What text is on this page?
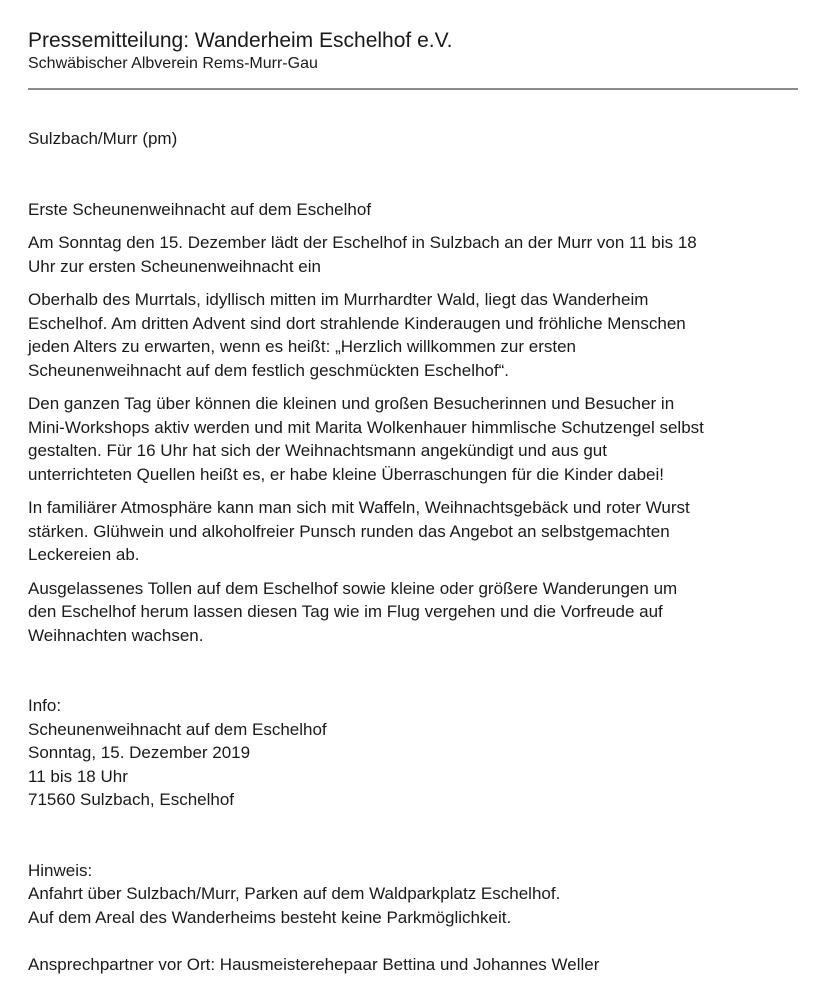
Pressemitteilung: Wanderheim Eschelhof e.V.

Schwäbischer Albverein Rems-Murr-Gau

Sulzbach/Murr (pm)

Erste Scheunenweihnacht auf dem Eschelhof

Am Sonntag den 15. Dezember lädt der Eschelhof in Sulzbach an der Murr von 11 bis 18
Uhr zur ersten Scheunenweihnacht ein

Oberhalb des Murrtals, idyllisch mitten im Murrhardter Wald, liegt das Wanderheim
Eschelhof. Am dritten Advent sind dort strahlende Kinderaugen und fröhliche Menschen
jeden Alters zu erwarten, wenn es heißt: „Herzlich willkommen zur ersten
Scheunenweihnacht auf dem festlich geschmückten Eschelhof“.

Den ganzen Tag über können die kleinen und großen Besucherinnen und Besucher in
Mini-Workshops aktiv werden und mit Marita Wolkenhauer himmlische Schutzengel selbst
gestalten. Für 16 Uhr hat sich der Weihnachtsmann angekündigt und aus gut
unterrichteten Quellen heißt es, er habe kleine Überraschungen für die Kinder dabei!

In familiärer Atmosphäre kann man sich mit Waffeln, Weihnachtsgebäck und roter Wurst
stärken. Glühwein und alkoholfreier Punsch runden das Angebot an selbstgemachten
Leckereien ab.

Ausgelassenes Tollen auf dem Eschelhof sowie kleine oder größere Wanderungen um
den Eschelhof herum lassen diesen Tag wie im Flug vergehen und die Vorfreude auf
Weihnachten wachsen.

Info:
Scheunenweihnacht auf dem Eschelhof
Sonntag, 15. Dezember 2019
11 bis 18 Uhr
71560 Sulzbach, Eschelhof
Hinweis:
Anfahrt über Sulzbach/Murr, Parken auf dem Waldparkplatz Eschelhof.
Auf dem Areal des Wanderheims besteht keine Parkmöglichkeit.

Ansprechpartner vor Ort: Hausmeisterehepaar Bettina und Johannes Weller
